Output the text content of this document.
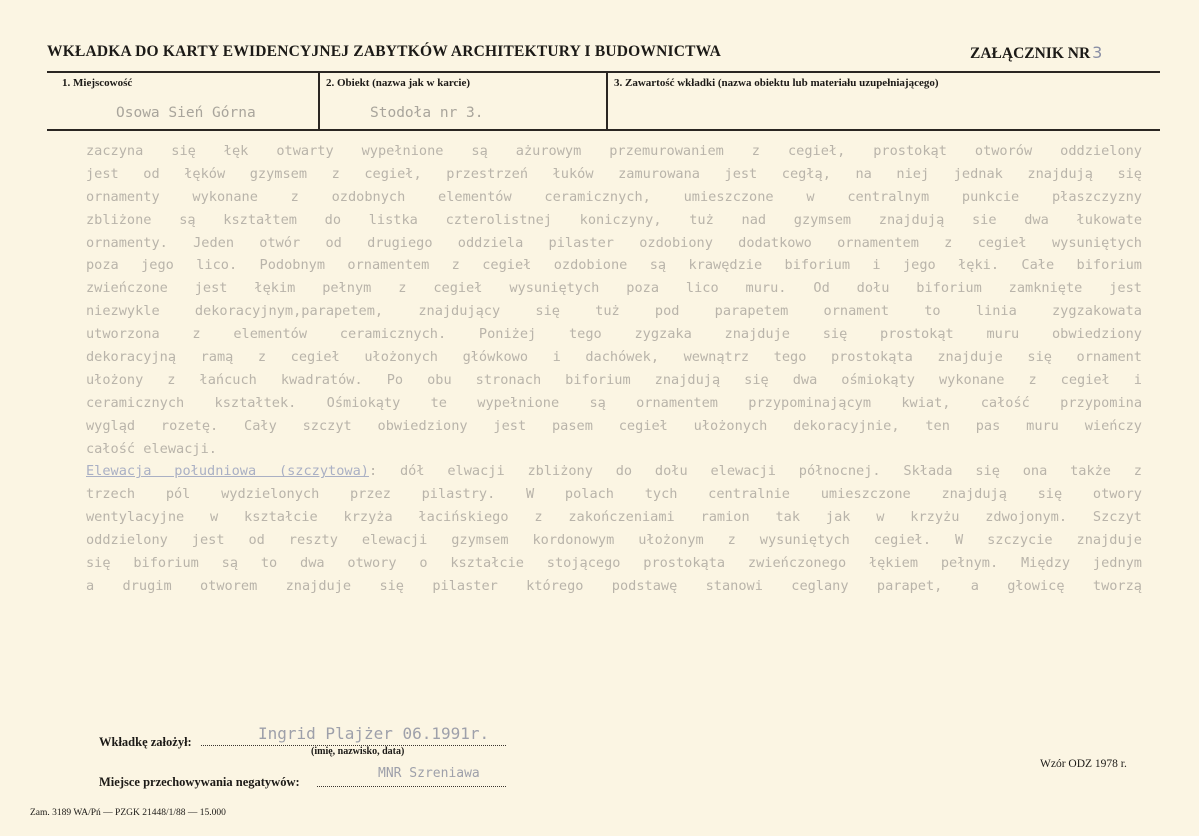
WKŁADKA DO KARTY EWIDENCYJNEJ ZABYTKÓW ARCHITEKTURY I BUDOWNICTWA	ZAŁĄCZNIK NR 3
1. Miejscowość	2. Obiekt (nazwa jak w karcie)	3. Zawartość wkładki (nazwa obiektu lub materiału uzupełniającego)
Osowa Sień Górna	Stodoła nr 3.
zaczyna się łęk otwarty wypełnione są ażurowym przemurowaniem z cegieł, prostokąt otworów oddzielony
jest od łęków gzymsem z cegieł, przestrzeń łuków zamurowana jest cegłą, na niej jednak znajdują się
ornamenty wykonane z ozdobnych elementów ceramicznych, umieszczone w centralnym punkcie płaszczyzny
zbliżone są kształtem do listka czterolistnej koniczyny, tuż nad gzymsem znajdują sie dwa łukowate
ornamenty. Jeden otwór od drugiego oddziela pilaster ozdobiony dodatkowo ornamentem z cegieł wysuniętych
poza jego lico. Podobnym ornamentem z cegieł ozdobione są krawędzie biforium i jego łęki. Całe biforium
zwieńczone jest łękim pełnym z cegieł wysuniętych poza lico muru. Od dołu biforium zamknięte jest
niezwykle dekoracyjnym,parapetem, znajdujący się tuż pod parapetem ornament to linia zygzakowata
utworzona z elementów ceramicznych. Poniżej tego zygzaka znajduje się prostokąt muru obwiedziony
dekoracyjną ramą z cegieł ułożonych główkowo i dachówek, wewnątrz tego prostokąta znajduje się ornament
ułożony z łańcuch kwadratów. Po obu stronach biforium znajdują się dwa ośmiokąty wykonane z cegieł i
ceramicznych kształtek. Ośmiokąty te wypełnione są ornamentem przypominającym kwiat, całość przypomina
wygląd rozetę. Cały szczyt obwiedziony jest pasem cegieł ułożonych dekoracyjnie, ten pas muru wieńczy
całość elewacji.
Elewacja południowa (szczytowa): dół elwacji zbliżony do dołu elewacji północnej. Składa się ona także z
trzech pól wydzielonych przez pilastry. W polach tych centralnie umieszczone znajdują się otwory
wentylacyjne w kształcie krzyża łacińskiego z zakończeniami ramion tak jak w krzyżu zdwojonym. Szczyt
oddzielony jest od reszty elewacji gzymsem kordonowym ułożonym z wysuniętych cegieł. W szczycie znajduje
się biforium są to dwa otwory o kształcie stojącego prostokąta zwieńczonego łękiem pełnym. Między jednym
a drugim otworem znajduje się pilaster którego podstawę stanowi ceglany parapet, a głowicę tworzą
Wkładkę założył:	Ingrid Plajżer 06.1991r.
(imię, nazwisko, data)
Miejsce przechowywania negatywów:
MNR Szreniawa
Wzór ODZ 1978 r.
Zam. 3189 WA/Pń — PZGK 21448/1/88 — 15.000
